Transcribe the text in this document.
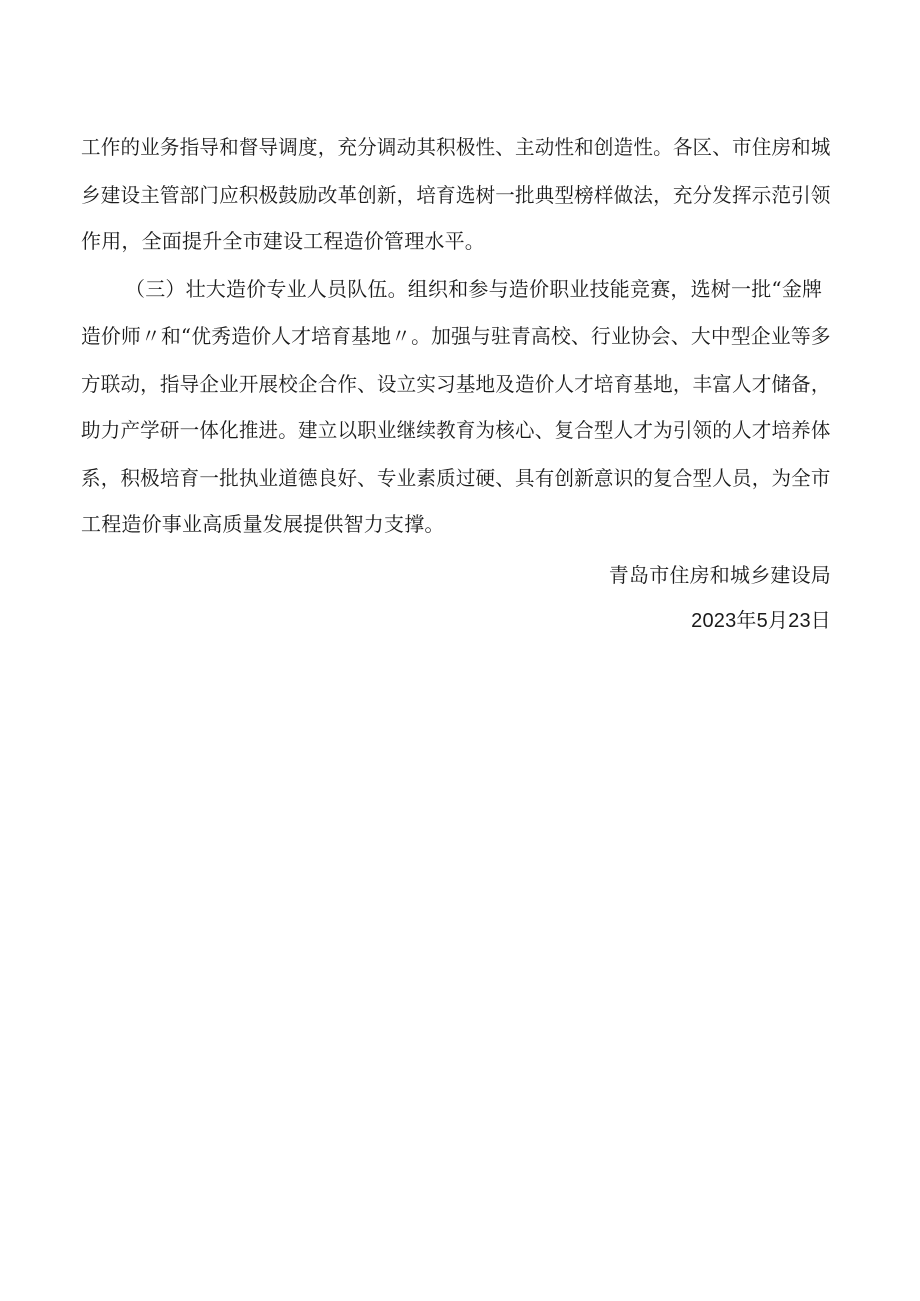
工作的业务指导和督导调度，充分调动其积极性、主动性和创造性。各区、市住房和城
乡建设主管部门应积极鼓励改革创新，培育选树一批典型榜样做法，充分发挥示范引领
作用，全面提升全市建设工程造价管理水平。
（三）壮大造价专业人员队伍。组织和参与造价职业技能竞赛，选树一批“金牌
造价师〃和“优秀造价人才培育基地〃。加强与驻青高校、行业协会、大中型企业等多
方联动，指导企业开展校企合作、设立实习基地及造价人才培育基地，丰富人才储备，
助力产学研一体化推进。建立以职业继续教育为核心、复合型人才为引领的人才培养体
系，积极培育一批执业道德良好、专业素质过硬、具有创新意识的复合型人员，为全市
工程造价事业高质量发展提供智力支撑。
青岛市住房和城乡建设局
2023年5月23日
